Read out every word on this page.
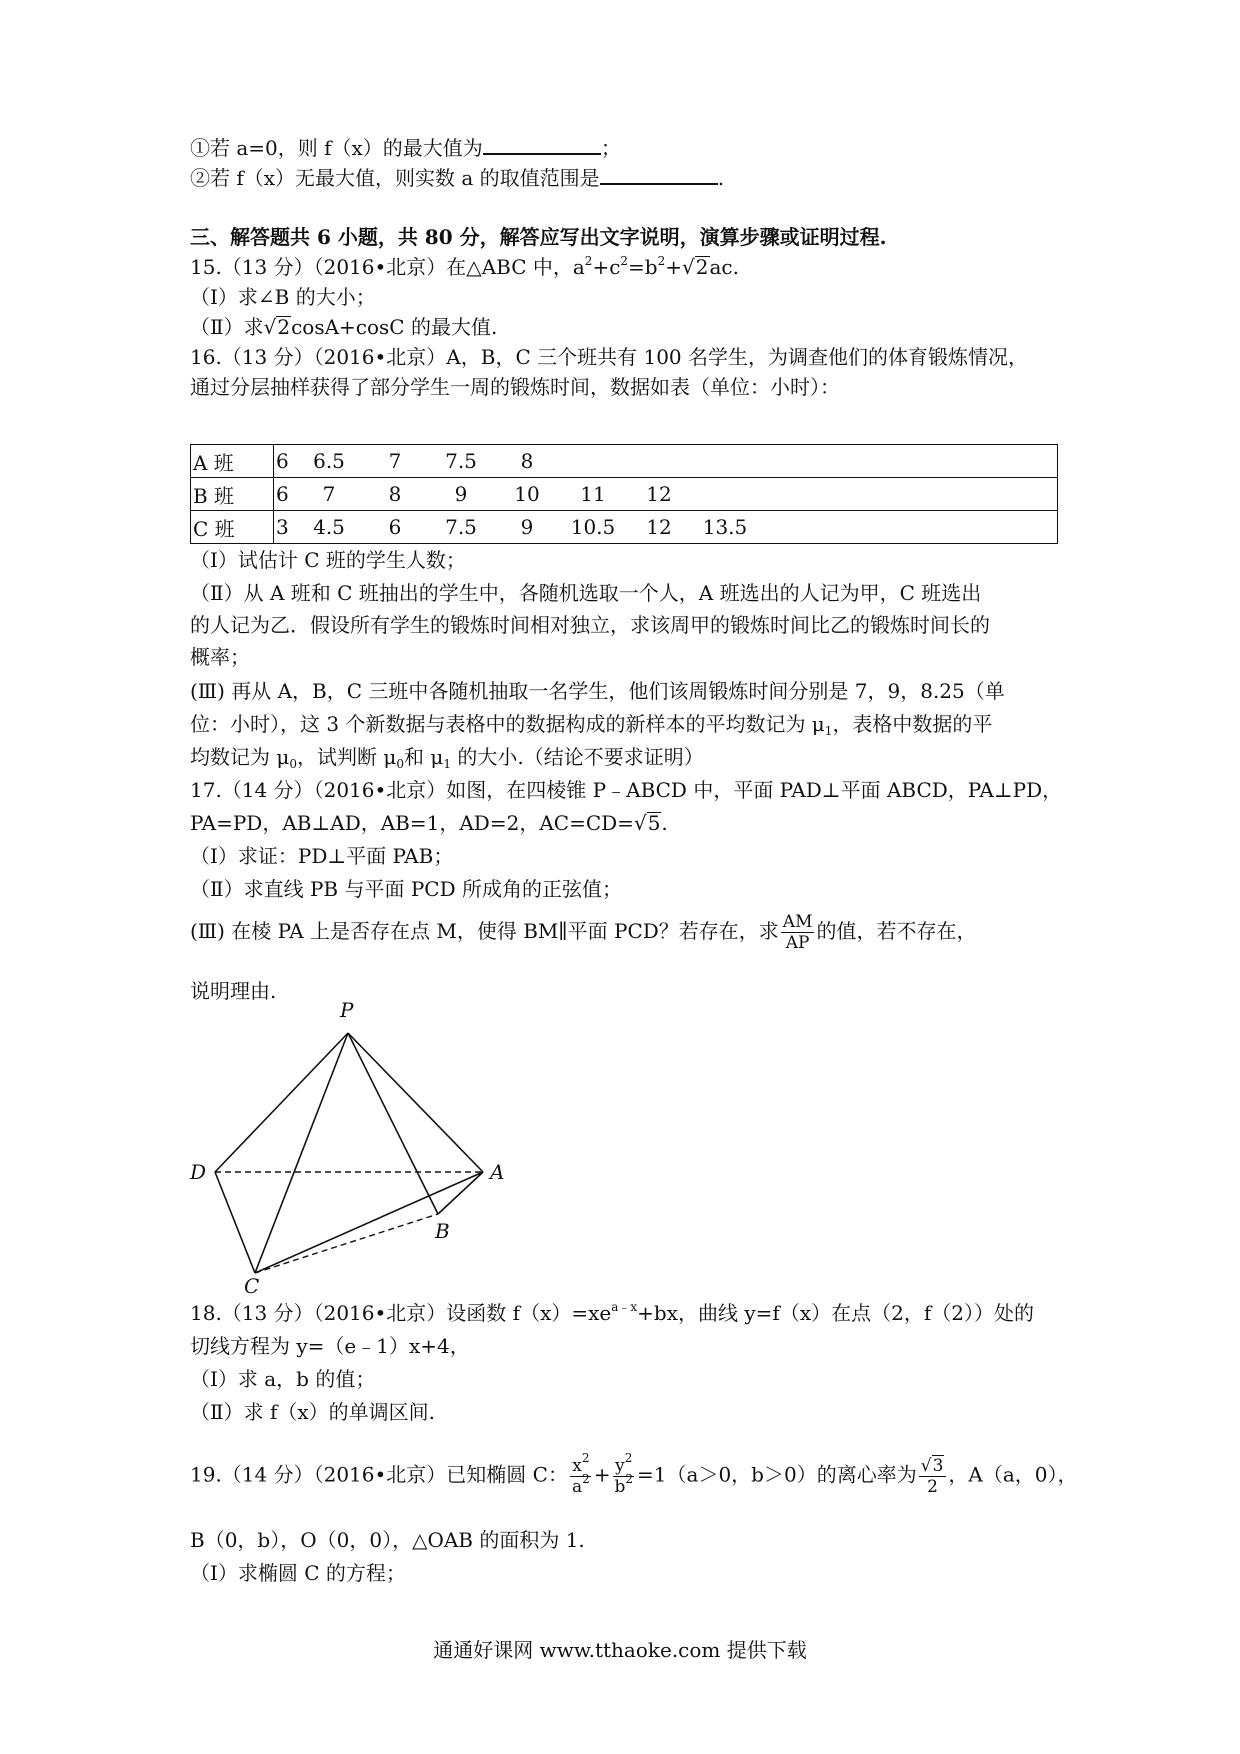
①若 a=0，则 f（x）的最大值为	；
②若 f（x）无最大值，则实数 a 的取值范围是	.
三、解答题共 6 小题，共 80 分，解答应写出文字说明，演算步骤或证明过程.
15.（13 分）（2016•北京）在△ABC 中，$a^2+c^2=b^2+√2ac$.
（Ⅰ）求∠B 的大小；
（Ⅱ）求√2cosA+cosC 的最大值.
16.（13 分）（2016•北京）A，B，C 三个班共有 100 名学生，为调查他们的体育锻炼情况，
通过分层抽样获得了部分学生一周的锻炼时间，数据如表（单位：小时）：
A 班	6 6.5 7 7.5 8
B 班	6 7 8 9 10 11 12
C 班	3 4.5 6 7.5 9 10.5 12 13.5
（Ⅰ）试估计 C 班的学生人数；
（Ⅱ）从 A 班和 C 班抽出的学生中，各随机选取一个人，A 班选出的人记为甲，C 班选出
的人记为乙．假设所有学生的锻炼时间相对独立，求该周甲的锻炼时间比乙的锻炼时间长的
概率；
(Ⅲ) 再从 A，B，C 三班中各随机抽取一名学生，他们该周锻炼时间分别是 7，9，8.25（单
位：小时），这 3 个新数据与表格中的数据构成的新样本的平均数记为 $\mu_1$，表格中数据的平
均数记为 $\mu_0$，试判断 $\mu_0$和 $\mu_1$ 的大小.（结论不要求证明）
17.（14 分）（2016•北京）如图，在四棱锥 P﹣ABCD 中，平面 PAD⊥平面 ABCD，PA⊥PD，
PA=PD，AB⊥AD，AB=1，AD=2，AC=CD=√5.
（Ⅰ）求证：PD⊥平面 PAB；
（Ⅱ）求直线 PB 与平面 PCD 所成角的正弦值；
(Ⅲ) 在棱 PA 上是否存在点 M，使得 BM∥平面 PCD？若存在，求 $\frac{AM}{AP}$ 的值，若不存在，
说明理由.
P
D	A
B
C
18.（13 分）（2016•北京）设函数 $f(x)=xe^{a﹣x}+bx$，曲线 y=f（x）在点（2，f（2））处的
切线方程为 y=（e﹣1）x+4，
（Ⅰ）求 a，b 的值；
（Ⅱ）求 f（x）的单调区间.
19.（14 分）（2016•北京）已知椭圆 C： $\frac{x^2}{a^2} + \frac{y^2}{b^2} =1(a>0$，b＞0）的离心率为 $\frac{√3}{2}$ ，A（a，0），
B（0，b），O（0，0），△OAB 的面积为 1.
（Ⅰ）求椭圆 C 的方程；
通通好课网 www.tthaoke.com 提供下载
